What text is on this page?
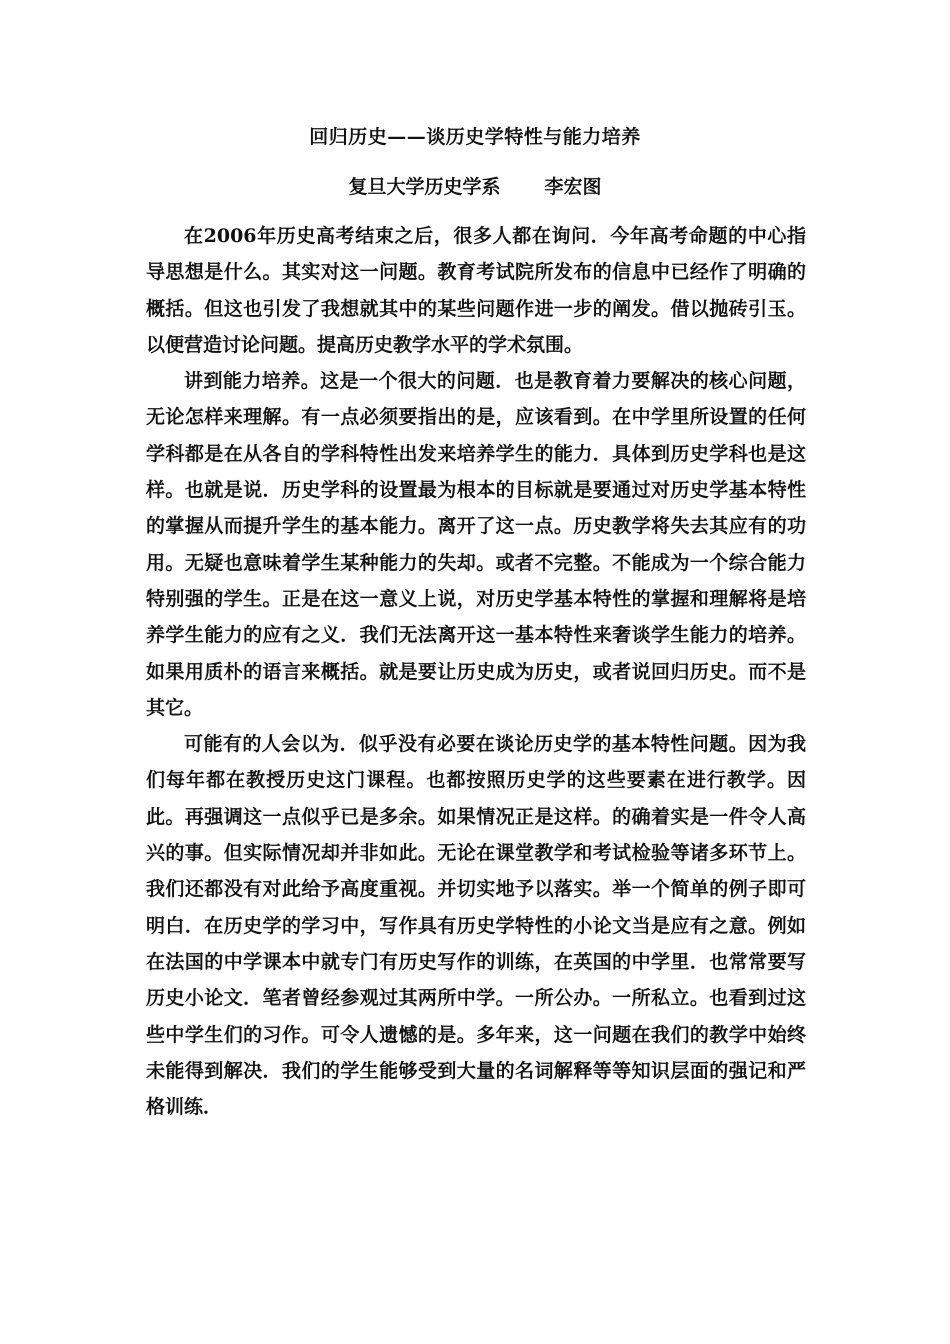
回归历史——谈历史学特性与能力培养
复旦大学历史学系 李宏图

在2006年历史高考结束之后，很多人都在询问．今年高考命题的中心指导思想是什么。其实对这一问题。教育考试院所发布的信息中已经作了明确的概括。但这也引发了我想就其中的某些问题作进一步的阐发。借以抛砖引玉。以便营造讨论问题。提高历史教学水平的学术氛围。

讲到能力培养。这是一个很大的问题．也是教育着力要解决的核心问题，无论怎样来理解。有一点必须要指出的是，应该看到。在中学里所设置的任何学科都是在从各自的学科特性出发来培养学生的能力．具体到历史学科也是这样。也就是说．历史学科的设置最为根本的目标就是要通过对历史学基本特性的掌握从而提升学生的基本能力。离开了这一点。历史教学将失去其应有的功用。无疑也意味着学生某种能力的失却。或者不完整。不能成为一个综合能力特别强的学生。正是在这一意义上说，对历史学基本特性的掌握和理解将是培养学生能力的应有之义．我们无法离开这一基本特性来奢谈学生能力的培养。如果用质朴的语言来概括。就是要让历史成为历史，或者说回归历史。而不是其它。

可能有的人会以为．似乎没有必要在谈论历史学的基本特性问题。因为我们每年都在教授历史这门课程。也都按照历史学的这些要素在进行教学。因此。再强调这一点似乎已是多余。如果情况正是这样。的确着实是一件令人高兴的事。但实际情况却并非如此。无论在课堂教学和考试检验等诸多环节上。我们还都没有对此给予高度重视。并切实地予以落实。举一个简单的例子即可明白．在历史学的学习中，写作具有历史学特性的小论文当是应有之意。例如在法国的中学课本中就专门有历史写作的训练，在英国的中学里．也常常要写历史小论文．笔者曾经参观过其两所中学。一所公办。一所私立。也看到过这些中学生们的习作。可令人遗憾的是。多年来，这一问题在我们的教学中始终未能得到解决．我们的学生能够受到大量的名词解释等等知识层面的强记和严格训练．
